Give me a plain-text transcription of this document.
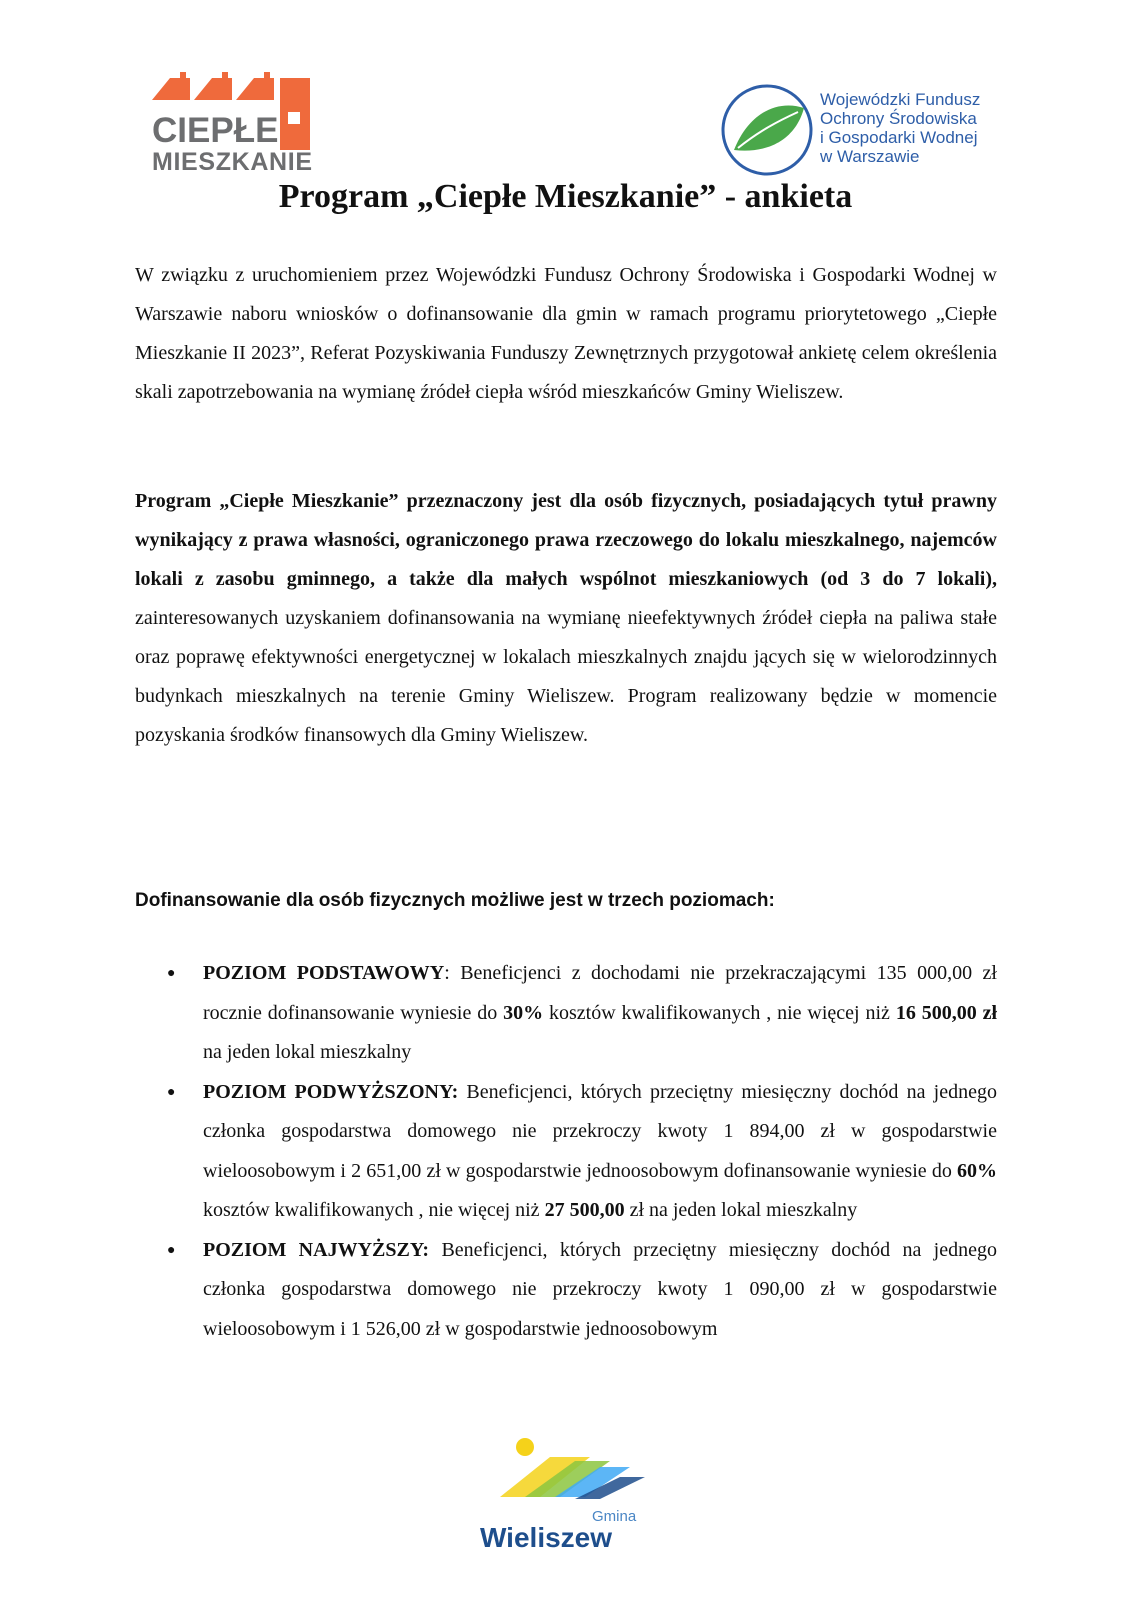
CIEPŁE
MIESZKANIE
Wojewódzki Fundusz
Ochrony Środowiska
i Gospodarki Wodnej
w Warszawie
Program „Ciepłe Mieszkanie” - ankieta

W związku z uruchomieniem przez Wojewódzki Fundusz Ochrony Środowiska i Gospodarki Wodnej w Warszawie naboru wniosków o dofinansowanie dla gmin w ramach programu priorytetowego „Ciepłe Mieszkanie II 2023”, Referat Pozyskiwania Funduszy Zewnętrznych przygotował ankietę celem określenia skali zapotrzebowania na wymianę źródeł ciepła wśród mieszkańców Gminy Wieliszew.

Program „Ciepłe Mieszkanie” przeznaczony jest dla osób fizycznych, posiadających tytuł prawny wynikający z prawa własności, ograniczonego prawa rzeczowego do lokalu mieszkalnego, najemców lokali z zasobu gminnego, a także dla małych wspólnot mieszkaniowych (od 3 do 7 lokali), zainteresowanych uzyskaniem dofinansowania na wymianę nieefektywnych źródeł ciepła na paliwa stałe oraz poprawę efektywności energetycznej w lokalach mieszkalnych znajdu jących się w wielorodzinnych budynkach mieszkalnych na terenie Gminy Wieliszew. Program realizowany będzie w momencie pozyskania środków finansowych dla Gminy Wieliszew.

Dofinansowanie dla osób fizycznych możliwe jest w trzech poziomach:

● POZIOM PODSTAWOWY: Beneficjenci z dochodami nie przekraczającymi 135 000,00 zł rocznie dofinansowanie wyniesie do 30% kosztów kwalifikowanych , nie więcej niż 16 500,00 zł na jeden lokal mieszkalny
● POZIOM PODWYŻSZONY: Beneficjenci, których przeciętny miesięczny dochód na jednego członka gospodarstwa domowego nie przekroczy kwoty 1 894,00 zł w gospodarstwie wieloosobowym i 2 651,00 zł w gospodarstwie jednoosobowym dofinansowanie wyniesie do 60% kosztów kwalifikowanych , nie więcej niż 27 500,00 zł na jeden lokal mieszkalny
● POZIOM NAJWYŻSZY: Beneficjenci, których przeciętny miesięczny dochód na jednego członka gospodarstwa domowego nie przekroczy kwoty 1 090,00 zł w gospodarstwie wieloosobowym i 1 526,00 zł w gospodarstwie jednoosobowym
Gmina
Wieliszew
